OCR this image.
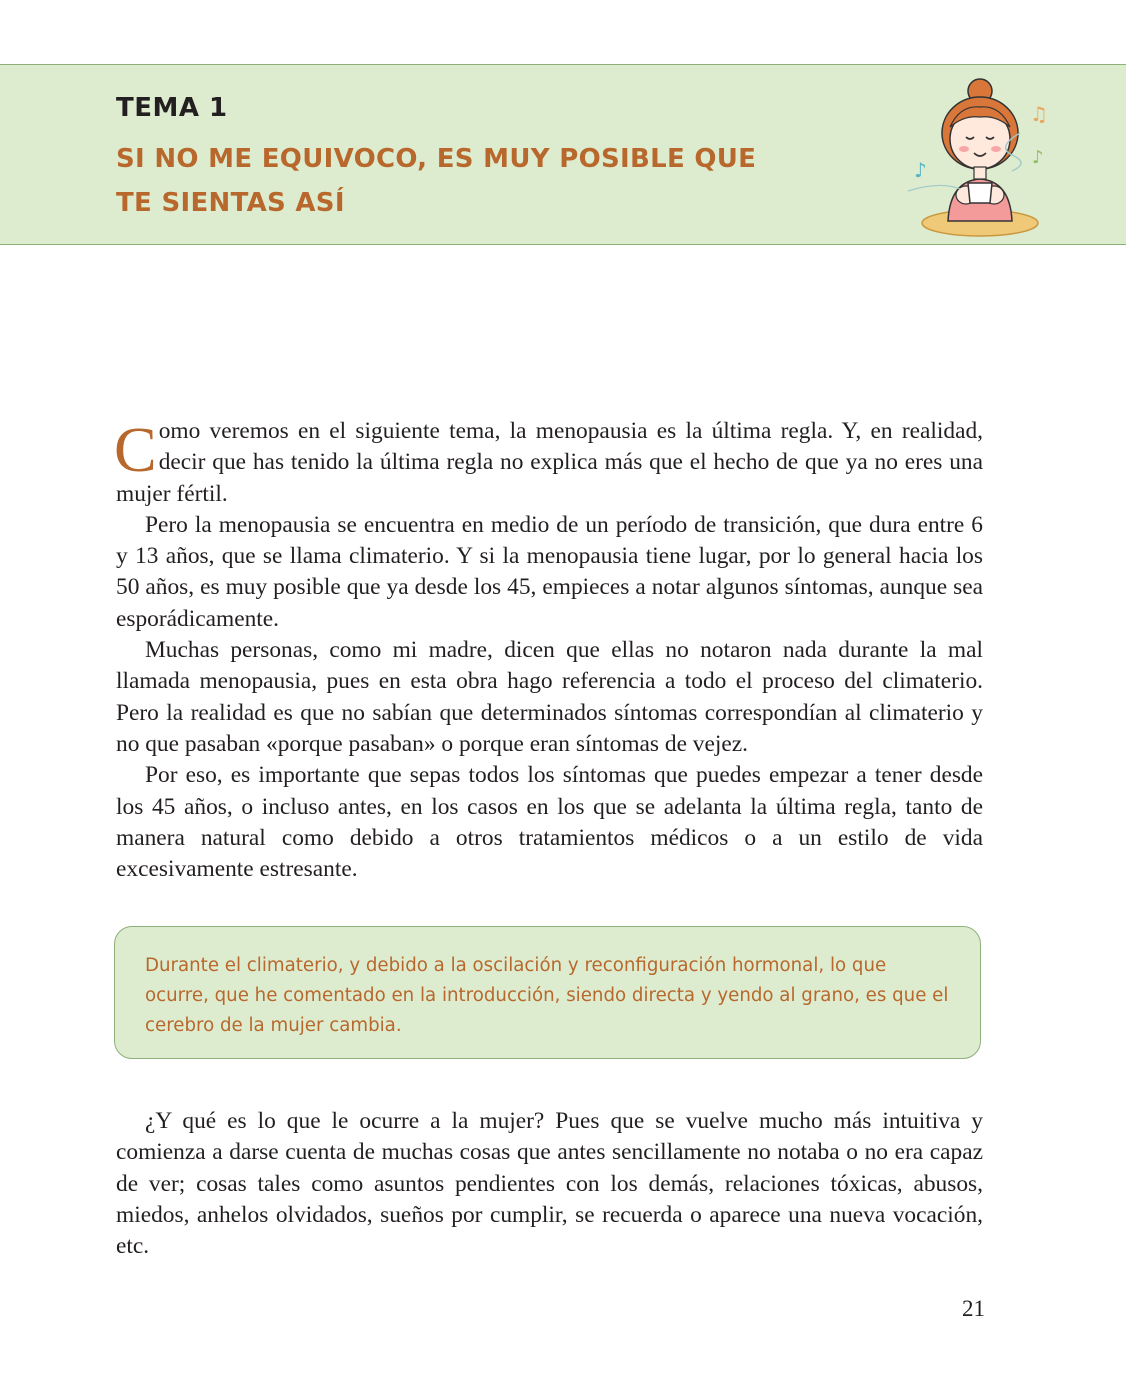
TEMA 1
SI NO ME EQUIVOCO, ES MUY POSIBLE QUE TE SIENTAS ASÍ
♫
♪
♪

Como veremos en el siguiente tema, la menopausia es la última regla. Y, en realidad, decir que has tenido la última regla no explica más que el hecho de que ya no eres una mujer fértil.

Pero la menopausia se encuentra en medio de un período de transición, que dura entre 6 y 13 años, que se llama climaterio. Y si la menopausia tiene lugar, por lo general hacia los 50 años, es muy posible que ya desde los 45, empieces a notar algunos síntomas, aunque sea esporádicamente.

Muchas personas, como mi madre, dicen que ellas no notaron nada durante la mal llamada menopausia, pues en esta obra hago referencia a todo el proceso del climaterio. Pero la realidad es que no sabían que determinados síntomas correspondían al climaterio y no que pasaban «porque pasaban» o porque eran síntomas de vejez.

Por eso, es importante que sepas todos los síntomas que puedes empezar a tener desde los 45 años, o incluso antes, en los casos en los que se adelanta la última regla, tanto de manera natural como debido a otros tratamientos médicos o a un estilo de vida excesivamente estresante.

Durante el climaterio, y debido a la oscilación y reconfiguración hormonal, lo que ocurre, que he comentado en la introducción, siendo directa y yendo al grano, es que el cerebro de la mujer cambia.

¿Y qué es lo que le ocurre a la mujer? Pues que se vuelve mucho más intuitiva y comienza a darse cuenta de muchas cosas que antes sencillamente no notaba o no era capaz de ver; cosas tales como asuntos pendientes con los demás, relaciones tóxicas, abusos, miedos, anhelos olvidados, sueños por cumplir, se recuerda o aparece una nueva vocación, etc.

21
